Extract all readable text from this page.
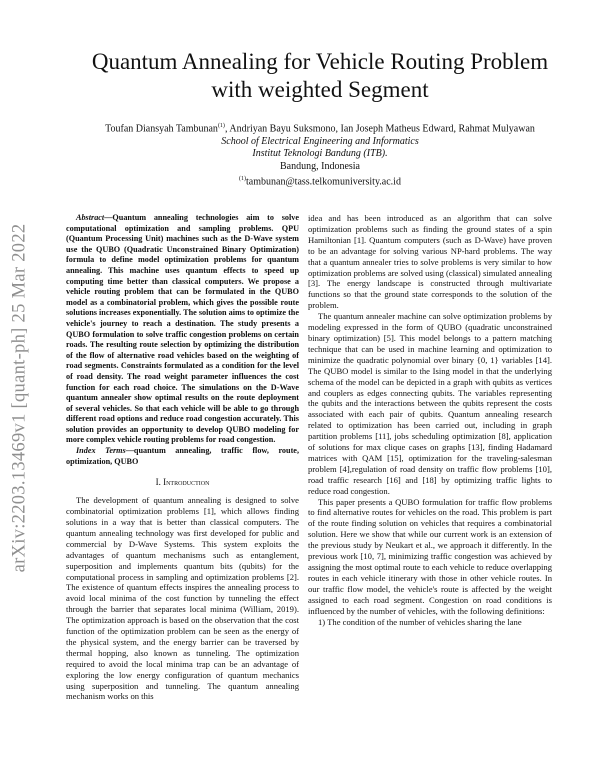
arXiv:2203.13469v1 [quant-ph] 25 Mar 2022
Quantum Annealing for Vehicle Routing Problem
with weighted Segment
Toufan Diansyah Tambunan$^{(1)}$, Andriyan Bayu Suksmono, Ian Joseph Matheus Edward, Rahmat Mulyawan
School of Electrical Engineering and Informatics
Institut Teknologi Bandung (ITB).
Bandung, Indonesia
$^{(1)}$tambunan@tass.telkomuniversity.ac.id

Abstract—Quantum annealing technologies aim to solve computational optimization and sampling problems. QPU (Quantum Processing Unit) machines such as the D-Wave system use the QUBO (Quadratic Unconstrained Binary Optimization) formula to define model optimization problems for quantum annealing. This machine uses quantum effects to speed up computing time better than classical computers. We propose a vehicle routing problem that can be formulated in the QUBO model as a combinatorial problem, which gives the possible route solutions increases exponentially. The solution aims to optimize the vehicle's journey to reach a destination. The study presents a QUBO formulation to solve traffic congestion problems on certain roads. The resulting route selection by optimizing the distribution of the flow of alternative road vehicles based on the weighting of road segments. Constraints formulated as a condition for the level of road density. The road weight parameter influences the cost function for each road choice. The simulations on the D-Wave quantum annealer show optimal results on the route deployment of several vehicles. So that each vehicle will be able to go through different road options and reduce road congestion accurately. This solution provides an opportunity to develop QUBO modeling for more complex vehicle routing problems for road congestion.

Index Terms—quantum annealing, traffic flow, route, optimization, QUBO

I. Introduction

The development of quantum annealing is designed to solve combinatorial optimization problems [1], which allows finding solutions in a way that is better than classical computers. The quantum annealing technology was first developed for public and commercial by D-Wave Systems. This system exploits the advantages of quantum mechanisms such as entanglement, superposition and implements quantum bits (qubits) for the computational process in sampling and optimization problems [2]. The existence of quantum effects inspires the annealing process to avoid local minima of the cost function by tunneling the effect through the barrier that separates local minima (William, 2019). The optimization approach is based on the observation that the cost function of the optimization problem can be seen as the energy of the physical system, and the energy barrier can be traversed by thermal hopping, also known as tunneling. The optimization required to avoid the local minima trap can be an advantage of exploring the low energy configuration of quantum mechanics using superposition and tunneling. The quantum annealing mechanism works on this

idea and has been introduced as an algorithm that can solve optimization problems such as finding the ground states of a spin Hamiltonian [1]. Quantum computers (such as D-Wave) have proven to be an advantage for solving various NP-hard problems. The way that a quantum annealer tries to solve problems is very similar to how optimization problems are solved using (classical) simulated annealing [3]. The energy landscape is constructed through multivariate functions so that the ground state corresponds to the solution of the problem.

The quantum annealer machine can solve optimization problems by modeling expressed in the form of QUBO (quadratic unconstrained binary optimization) [5]. This model belongs to a pattern matching technique that can be used in machine learning and optimization to minimize the quadratic polynomial over binary {0, 1} variables [14]. The QUBO model is similar to the Ising model in that the underlying schema of the model can be depicted in a graph with qubits as vertices and couplers as edges connecting qubits. The variables representing the qubits and the interactions between the qubits represent the costs associated with each pair of qubits. Quantum annealing research related to optimization has been carried out, including in graph partition problems [11], jobs scheduling optimization [8], application of solutions for max clique cases on graphs [13], finding Hadamard matrices with QAM [15], optimization for the traveling-salesman problem [4],regulation of road density on traffic flow problems [10], road traffic research [16] and [18] by optimizing traffic lights to reduce road congestion.

This paper presents a QUBO formulation for traffic flow problems to find alternative routes for vehicles on the road. This problem is part of the route finding solution on vehicles that requires a combinatorial solution. Here we show that while our current work is an extension of the previous study by Neukart et al., we approach it differently. In the previous work [10, 7], minimizing traffic congestion was achieved by assigning the most optimal route to each vehicle to reduce overlapping routes in each vehicle itinerary with those in other vehicle routes. In our traffic flow model, the vehicle's route is affected by the weight assigned to each road segment. Congestion on road conditions is influenced by the number of vehicles, with the following definitions:

1) The condition of the number of vehicles sharing the lane
